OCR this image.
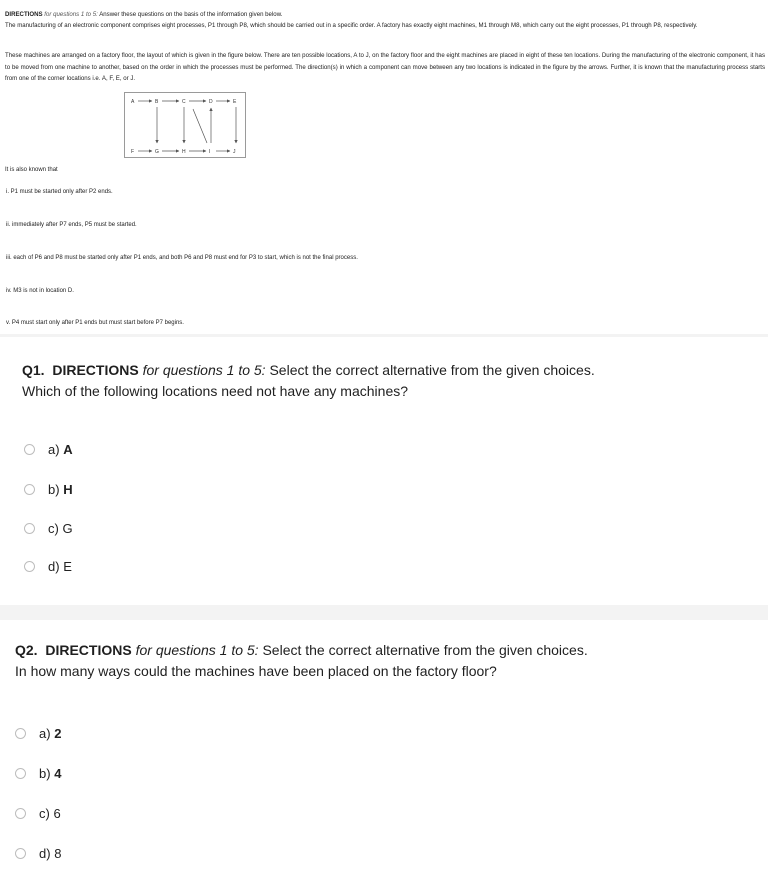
DIRECTIONS for questions 1 to 5: Answer these questions on the basis of the information given below.
The manufacturing of an electronic component comprises eight processes, P1 through P8, which should be carried out in a specific order. A factory has exactly eight machines, M1 through M8, which carry out the eight processes, P1 through P8, respectively.
These machines are arranged on a factory floor, the layout of which is given in the figure below. There are ten possible locations, A to J, on the factory floor and the eight machines are placed in eight of these ten locations. During the manufacturing of the electronic component, it has to be moved from one machine to another, based on the order in which the processes must be performed. The direction(s) in which a component can move between any two locations is indicated in the figure by the arrows. Further, it is known that the manufacturing process starts from one of the corner locations i.e. A, F, E, or J.
A	B	C	D	E
F	G	H	I	J
It is also known that
i. P1 must be started only after P2 ends.
ii. immediately after P7 ends, P5 must be started.
iii. each of P6 and P8 must be started only after P1 ends, and both P6 and P8 must end for P3 to start, which is not the final process.
iv. M3 is not in location D.
v. P4 must start only after P1 ends but must start before P7 begins.
Q1. DIRECTIONS for questions 1 to 5: Select the correct alternative from the given choices.
Which of the following locations need not have any machines?
a) A
b) H
c) G
d) E
Q2. DIRECTIONS for questions 1 to 5: Select the correct alternative from the given choices.
In how many ways could the machines have been placed on the factory floor?
a) 2
b) 4
c) 6
d) 8
